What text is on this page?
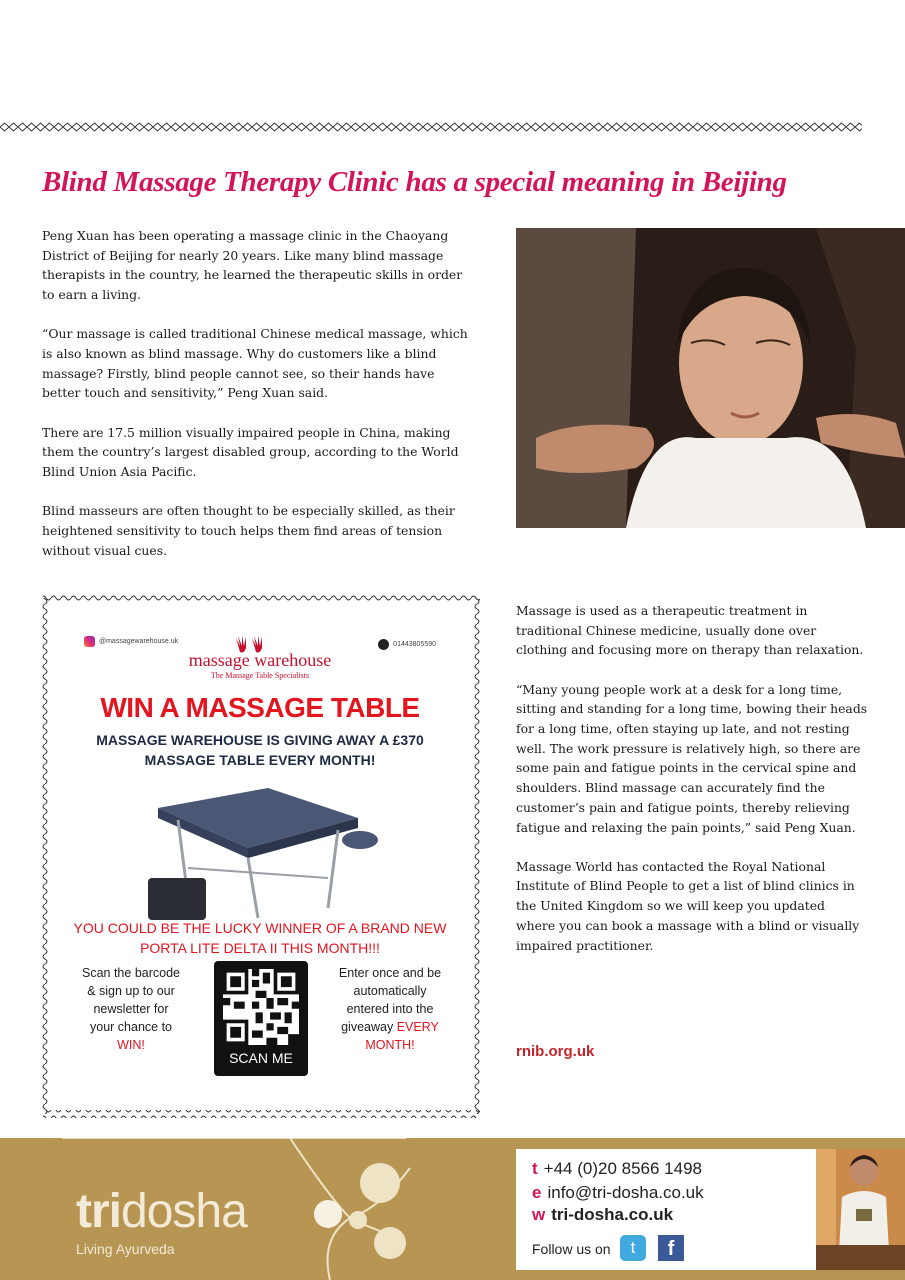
Blind Massage Therapy Clinic has a special meaning in Beijing

Peng Xuan has been operating a massage clinic in the Chaoyang District of Beijing for nearly 20 years. Like many blind massage therapists in the country, he learned the therapeutic skills in order to earn a living.

“Our massage is called traditional Chinese medical massage, which is also known as blind massage. Why do customers like a blind massage? Firstly, blind people cannot see, so their hands have better touch and sensitivity,” Peng Xuan said.

There are 17.5 million visually impaired people in China, making them the country’s largest disabled group, according to the World Blind Union Asia Pacific.

Blind masseurs are often thought to be especially skilled, as their heightened sensitivity to touch helps them find areas of tension without visual cues.

@massagewarehouse.uk	01443805590
massage warehouse
The Massage Table Specialists
WIN A MASSAGE TABLE
MASSAGE WAREHOUSE IS GIVING AWAY A £370 MASSAGE TABLE EVERY MONTH!
YOU COULD BE THE LUCKY WINNER OF A BRAND NEW PORTA LITE DELTA II THIS MONTH!!!
Scan the barcode & sign up to our newsletter for your chance to WIN!
SCAN ME
Enter once and be automatically entered into the giveaway EVERY MONTH!

Massage is used as a therapeutic treatment in traditional Chinese medicine, usually done over clothing and focusing more on therapy than relaxation.

“Many young people work at a desk for a long time, sitting and standing for a long time, bowing their heads for a long time, often staying up late, and not resting well. The work pressure is relatively high, so there are some pain and fatigue points in the cervical spine and shoulders. Blind massage can accurately find the customer’s pain and fatigue points, thereby relieving fatigue and relaxing the pain points,” said Peng Xuan.

Massage World has contacted the Royal National Institute of Blind People to get a list of blind clinics in the United Kingdom so we will keep you updated where you can book a massage with a blind or visually impaired practitioner.

rnib.org.uk
tridosha
Living Ayurveda
t +44 (0)20 8566 1498
e info@tri-dosha.co.uk
w tri-dosha.co.uk
Follow us on	t	f
